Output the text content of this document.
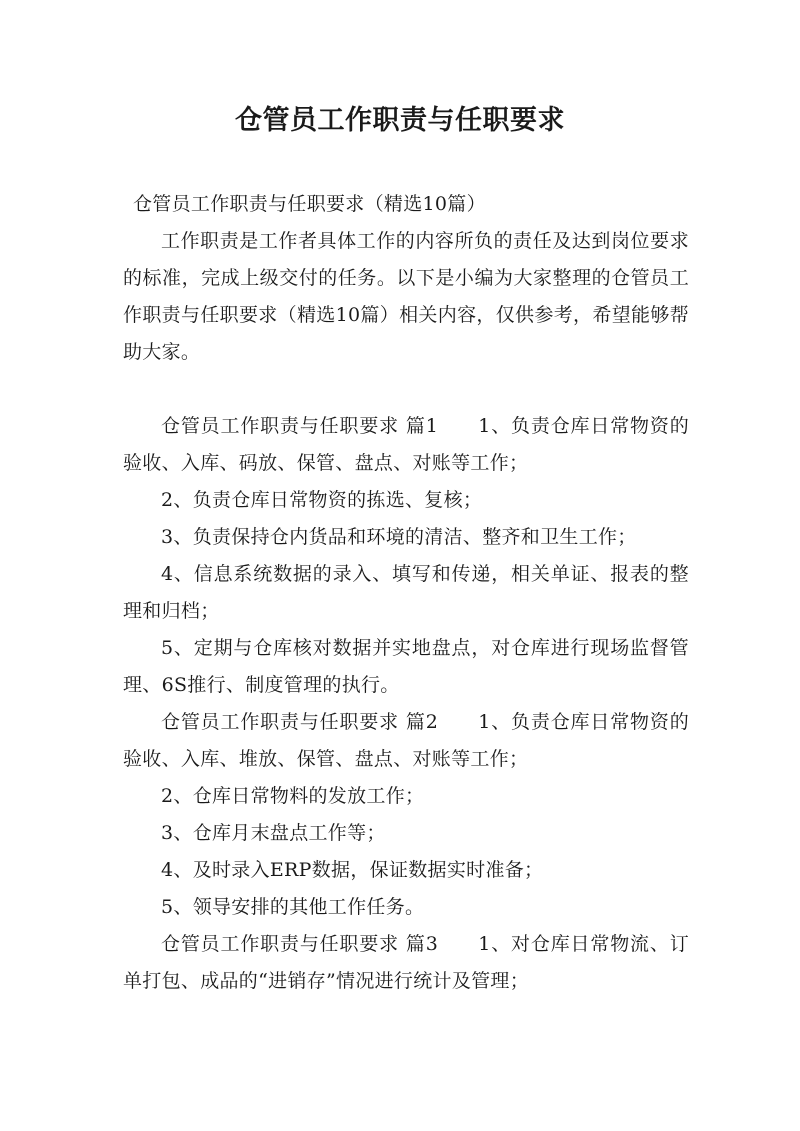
仓管员工作职责与任职要求

仓管员工作职责与任职要求（精选10篇）

工作职责是工作者具体工作的内容所负的责任及达到岗位要求的标准，完成上级交付的任务。以下是小编为大家整理的仓管员工作职责与任职要求（精选10篇）相关内容，仅供参考，希望能够帮助大家。

仓管员工作职责与任职要求 篇1　　1、负责仓库日常物资的验收、入库、码放、保管、盘点、对账等工作；

2、负责仓库日常物资的拣选、复核；

3、负责保持仓内货品和环境的清洁、整齐和卫生工作；

4、信息系统数据的录入、填写和传递，相关单证、报表的整理和归档；

5、定期与仓库核对数据并实地盘点，对仓库进行现场监督管理、6S推行、制度管理的执行。

仓管员工作职责与任职要求 篇2　　1、负责仓库日常物资的验收、入库、堆放、保管、盘点、对账等工作；

2、仓库日常物料的发放工作；

3、仓库月末盘点工作等；

4、及时录入ERP数据，保证数据实时准备；

5、领导安排的其他工作任务。

仓管员工作职责与任职要求 篇3　　1、对仓库日常物流、订单打包、成品的“进销存”情况进行统计及管理；
